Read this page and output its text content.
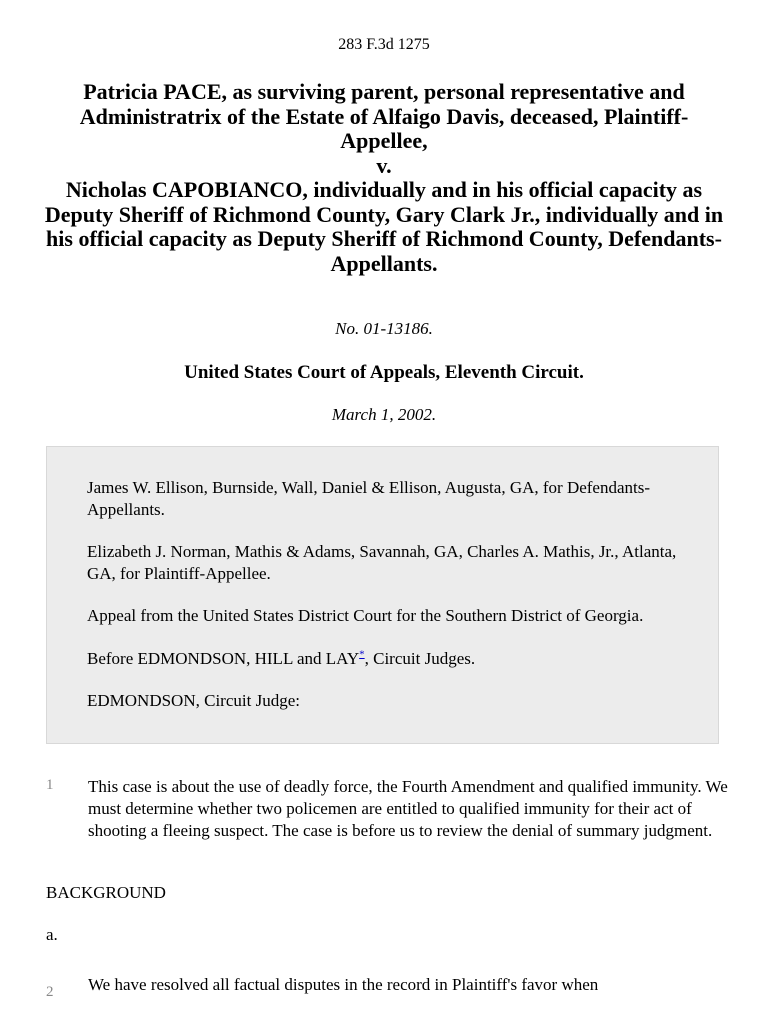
283 F.3d 1275
Patricia PACE, as surviving parent, personal representative and Administratrix of the Estate of Alfaigo Davis, deceased, Plaintiff-Appellee,
v.
Nicholas CAPOBIANCO, individually and in his official capacity as Deputy Sheriff of Richmond County, Gary Clark Jr., individually and in his official capacity as Deputy Sheriff of Richmond County, Defendants-Appellants.
No. 01-13186.
United States Court of Appeals, Eleventh Circuit.
March 1, 2002.

James W. Ellison, Burnside, Wall, Daniel & Ellison, Augusta, GA, for Defendants-Appellants.

Elizabeth J. Norman, Mathis & Adams, Savannah, GA, Charles A. Mathis, Jr., Atlanta, GA, for Plaintiff-Appellee.

Appeal from the United States District Court for the Southern District of Georgia.

Before EDMONDSON, HILL and LAY*, Circuit Judges.

EDMONDSON, Circuit Judge:

1 This case is about the use of deadly force, the Fourth Amendment and qualified immunity. We must determine whether two policemen are entitled to qualified immunity for their act of shooting a fleeing suspect. The case is before us to review the denial of summary judgment.
BACKGROUND
a.
2 We have resolved all factual disputes in the record in Plaintiff's favor when
